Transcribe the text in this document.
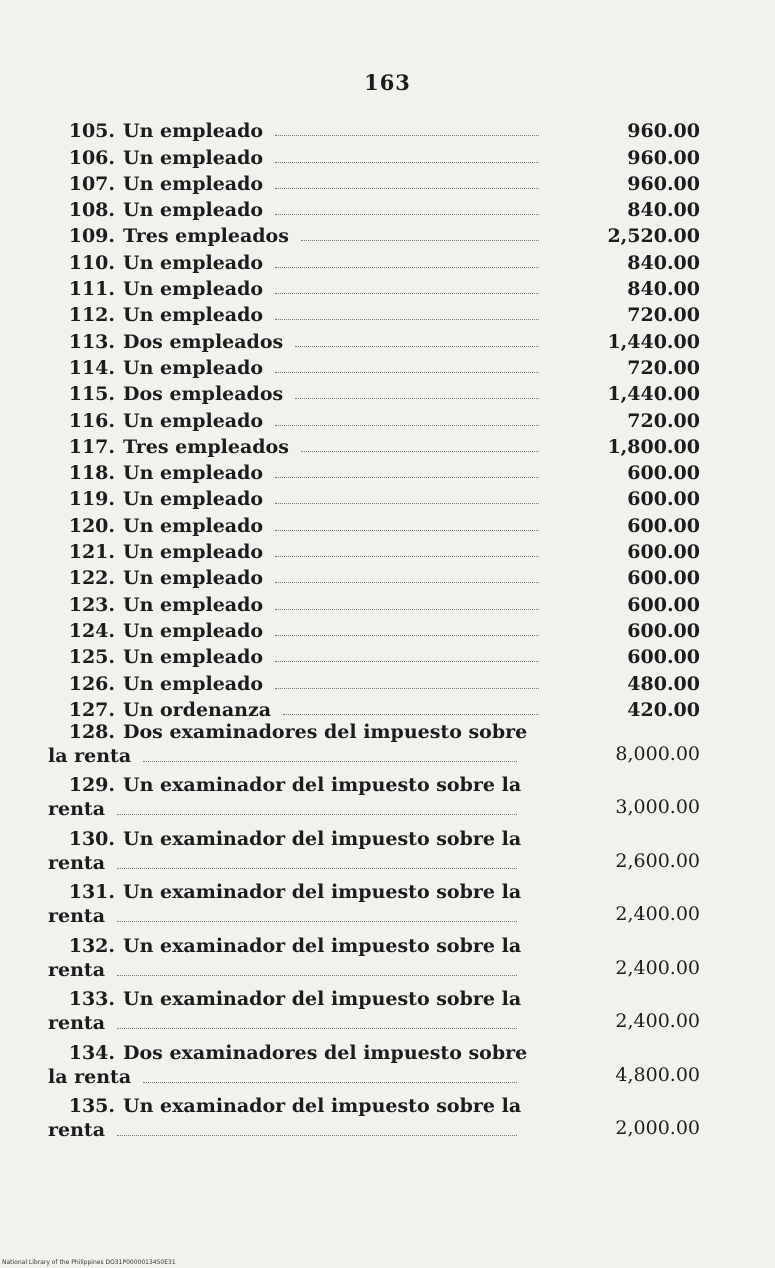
163
105. Un empleado	960.00
106. Un empleado	960.00
107. Un empleado	960.00
108. Un empleado	840.00
109. Tres empleados	2,520.00
110. Un empleado	840.00
111. Un empleado	840.00
112. Un empleado	720.00
113. Dos empleados	1,440.00
114. Un empleado	720.00
115. Dos empleados	1,440.00
116. Un empleado	720.00
117. Tres empleados	1,800.00
118. Un empleado	600.00
119. Un empleado	600.00
120. Un empleado	600.00
121. Un empleado	600.00
122. Un empleado	600.00
123. Un empleado	600.00
124. Un empleado	600.00
125. Un empleado	600.00
126. Un empleado	480.00
127. Un ordenanza	420.00
128. Dos examinadores del impuesto sobre
la renta	8,000.00
129. Un examinador del impuesto sobre la
renta	3,000.00
130. Un examinador del impuesto sobre la
renta	2,600.00
131. Un examinador del impuesto sobre la
renta	2,400.00
132. Un examinador del impuesto sobre la
renta	2,400.00
133. Un examinador del impuesto sobre la
renta	2,400.00
134. Dos examinadores del impuesto sobre
la renta	4,800.00
135. Un examinador del impuesto sobre la
renta	2,000.00
National Library of the Philippines DO31P0000013450E31
